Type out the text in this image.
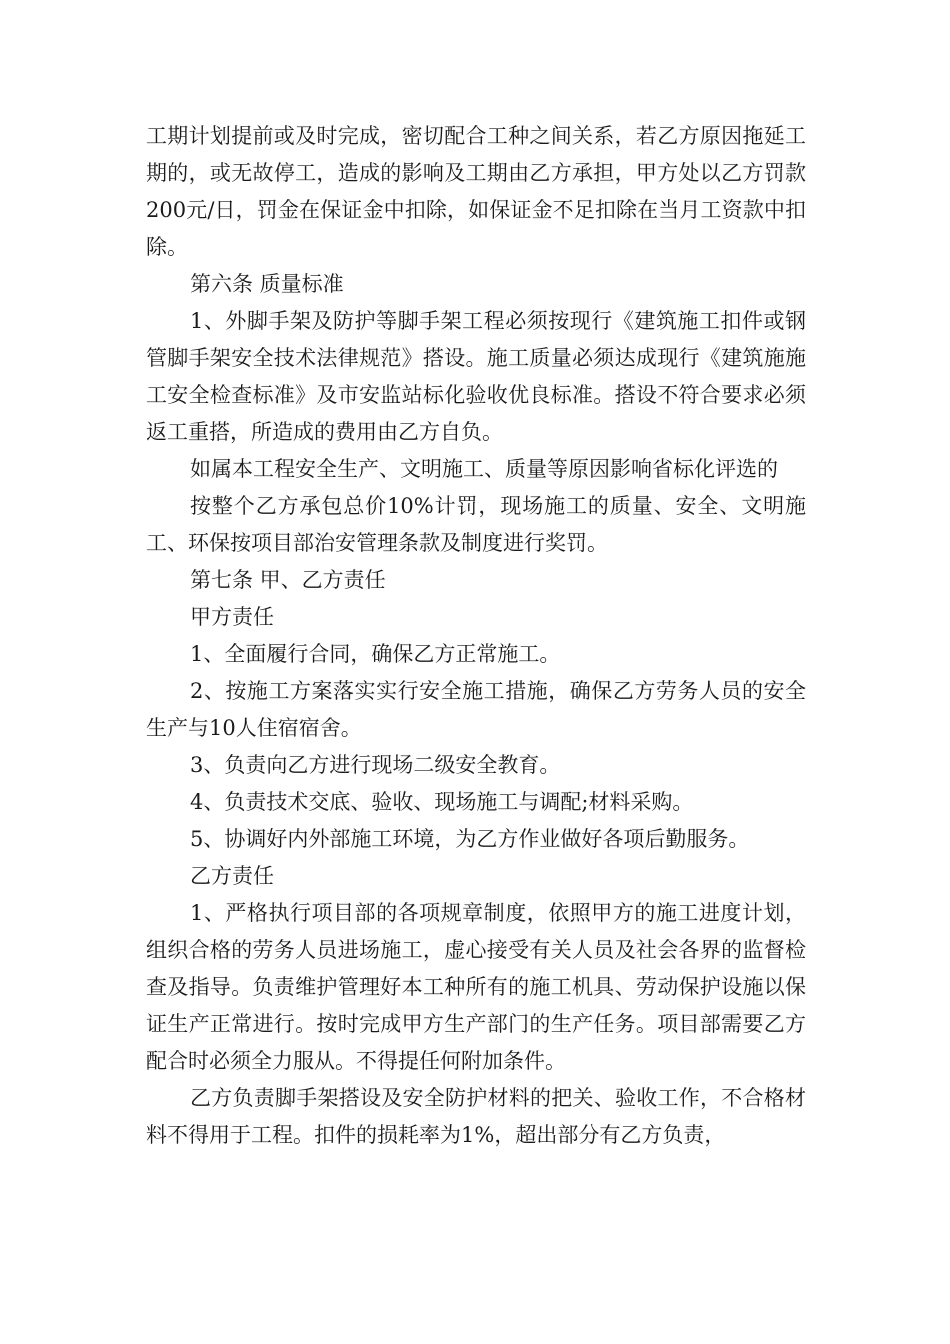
工期计划提前或及时完成，密切配合工种之间关系，若乙方原因拖延工期的，或无故停工，造成的影响及工期由乙方承担，甲方处以乙方罚款200元/日，罚金在保证金中扣除，如保证金不足扣除在当月工资款中扣除。

第六条 质量标准

1、外脚手架及防护等脚手架工程必须按现行《建筑施工扣件或钢管脚手架安全技术法律规范》搭设。施工质量必须达成现行《建筑施施工安全检查标准》及市安监站标化验收优良标准。搭设不符合要求必须返工重搭，所造成的费用由乙方自负。

如属本工程安全生产、文明施工、质量等原因影响省标化评选的

按整个乙方承包总价10%计罚，现场施工的质量、安全、文明施工、环保按项目部治安管理条款及制度进行奖罚。

第七条 甲、乙方责任

甲方责任

1、全面履行合同，确保乙方正常施工。

2、按施工方案落实实行安全施工措施，确保乙方劳务人员的安全生产与10人住宿宿舍。

3、负责向乙方进行现场二级安全教育。

4、负责技术交底、验收、现场施工与调配;材料采购。

5、协调好内外部施工环境，为乙方作业做好各项后勤服务。

乙方责任

1、严格执行项目部的各项规章制度，依照甲方的施工进度计划，组织合格的劳务人员进场施工，虚心接受有关人员及社会各界的监督检查及指导。负责维护管理好本工种所有的施工机具、劳动保护设施以保证生产正常进行。按时完成甲方生产部门的生产任务。项目部需要乙方配合时必须全力服从。不得提任何附加条件。

乙方负责脚手架搭设及安全防护材料的把关、验收工作，不合格材料不得用于工程。扣件的损耗率为1%，超出部分有乙方负责，
